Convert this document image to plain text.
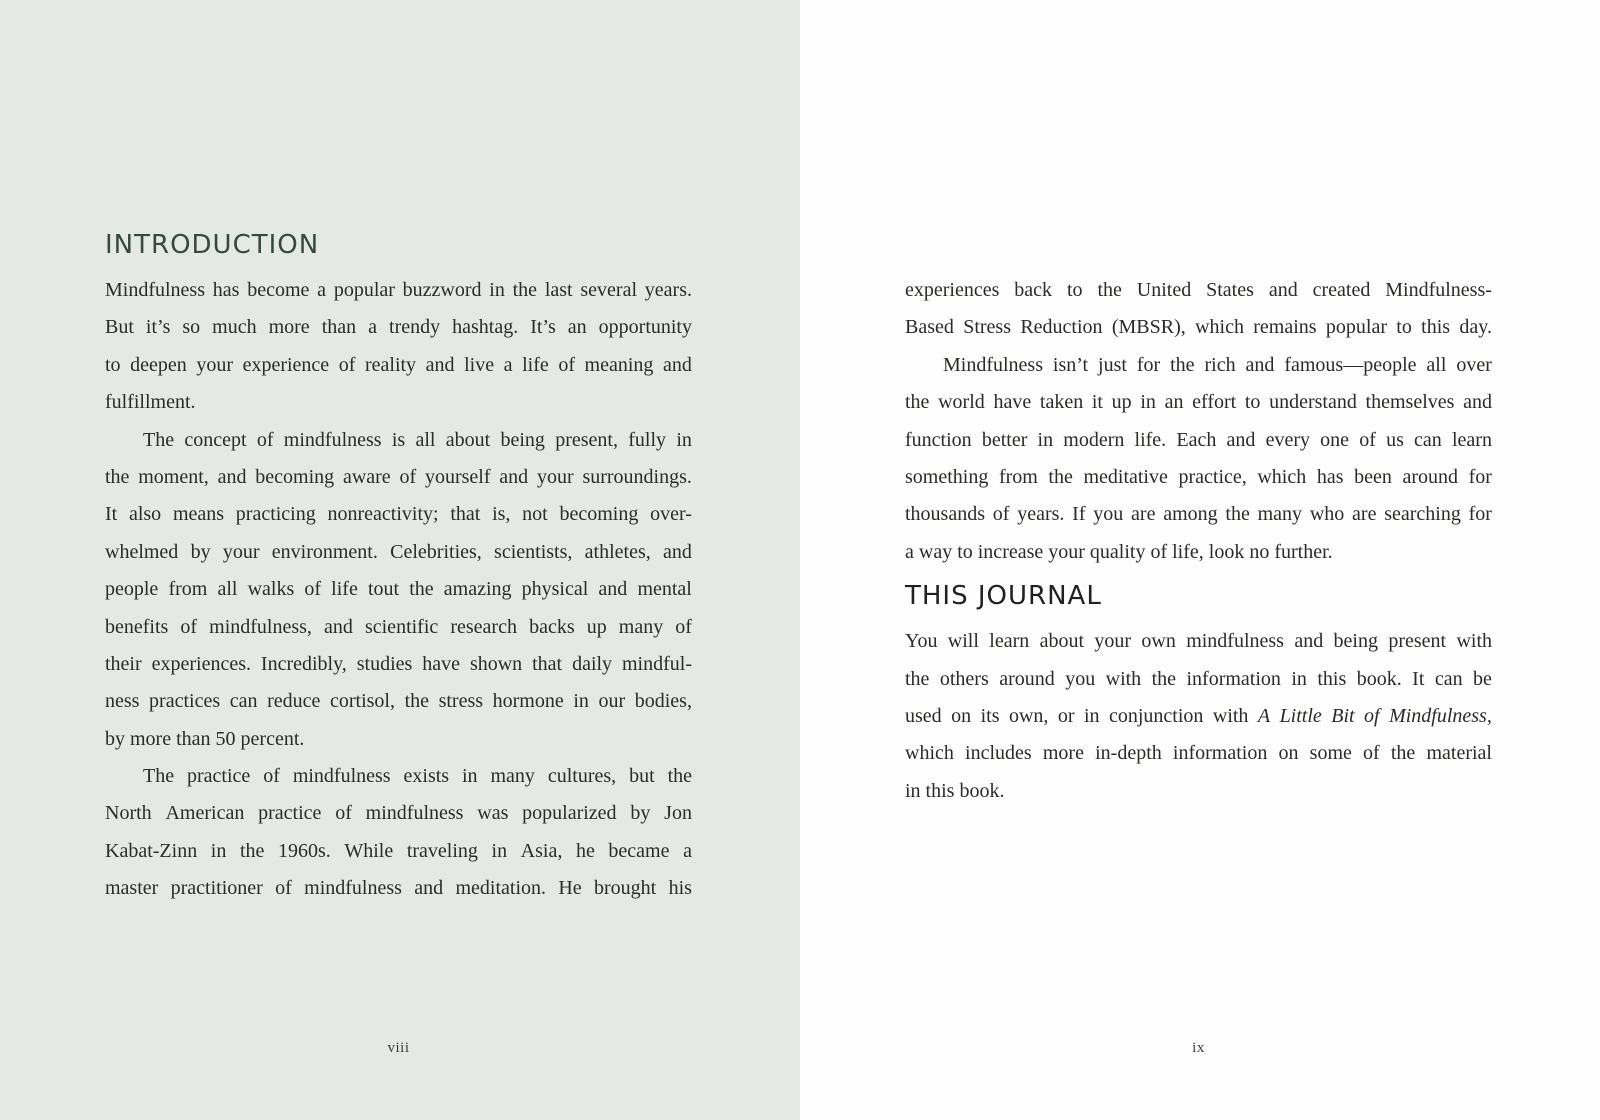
INTRODUCTION
Mindfulness has become a popular buzzword in the last several years.
But it’s so much more than a trendy hashtag. It’s an opportunity
to deepen your experience of reality and live a life of meaning and
fulfillment.
The concept of mindfulness is all about being present, fully in
the moment, and becoming aware of yourself and your surroundings.
It also means practicing nonreactivity; that is, not becoming over-
whelmed by your environment. Celebrities, scientists, athletes, and
people from all walks of life tout the amazing physical and mental
benefits of mindfulness, and scientific research backs up many of
their experiences. Incredibly, studies have shown that daily mindful-
ness practices can reduce cortisol, the stress hormone in our bodies,
by more than 50 percent.
The practice of mindfulness exists in many cultures, but the
North American practice of mindfulness was popularized by Jon
Kabat-Zinn in the 1960s. While traveling in Asia, he became a
master practitioner of mindfulness and meditation. He brought his
viii
experiences back to the United States and created Mindfulness-
Based Stress Reduction (MBSR), which remains popular to this day.
Mindfulness isn’t just for the rich and famous—people all over
the world have taken it up in an effort to understand themselves and
function better in modern life. Each and every one of us can learn
something from the meditative practice, which has been around for
thousands of years. If you are among the many who are searching for
a way to increase your quality of life, look no further.
THIS JOURNAL
You will learn about your own mindfulness and being present with
the others around you with the information in this book. It can be
used on its own, or in conjunction with A Little Bit of Mindfulness,
which includes more in-depth information on some of the material
in this book.
ix
